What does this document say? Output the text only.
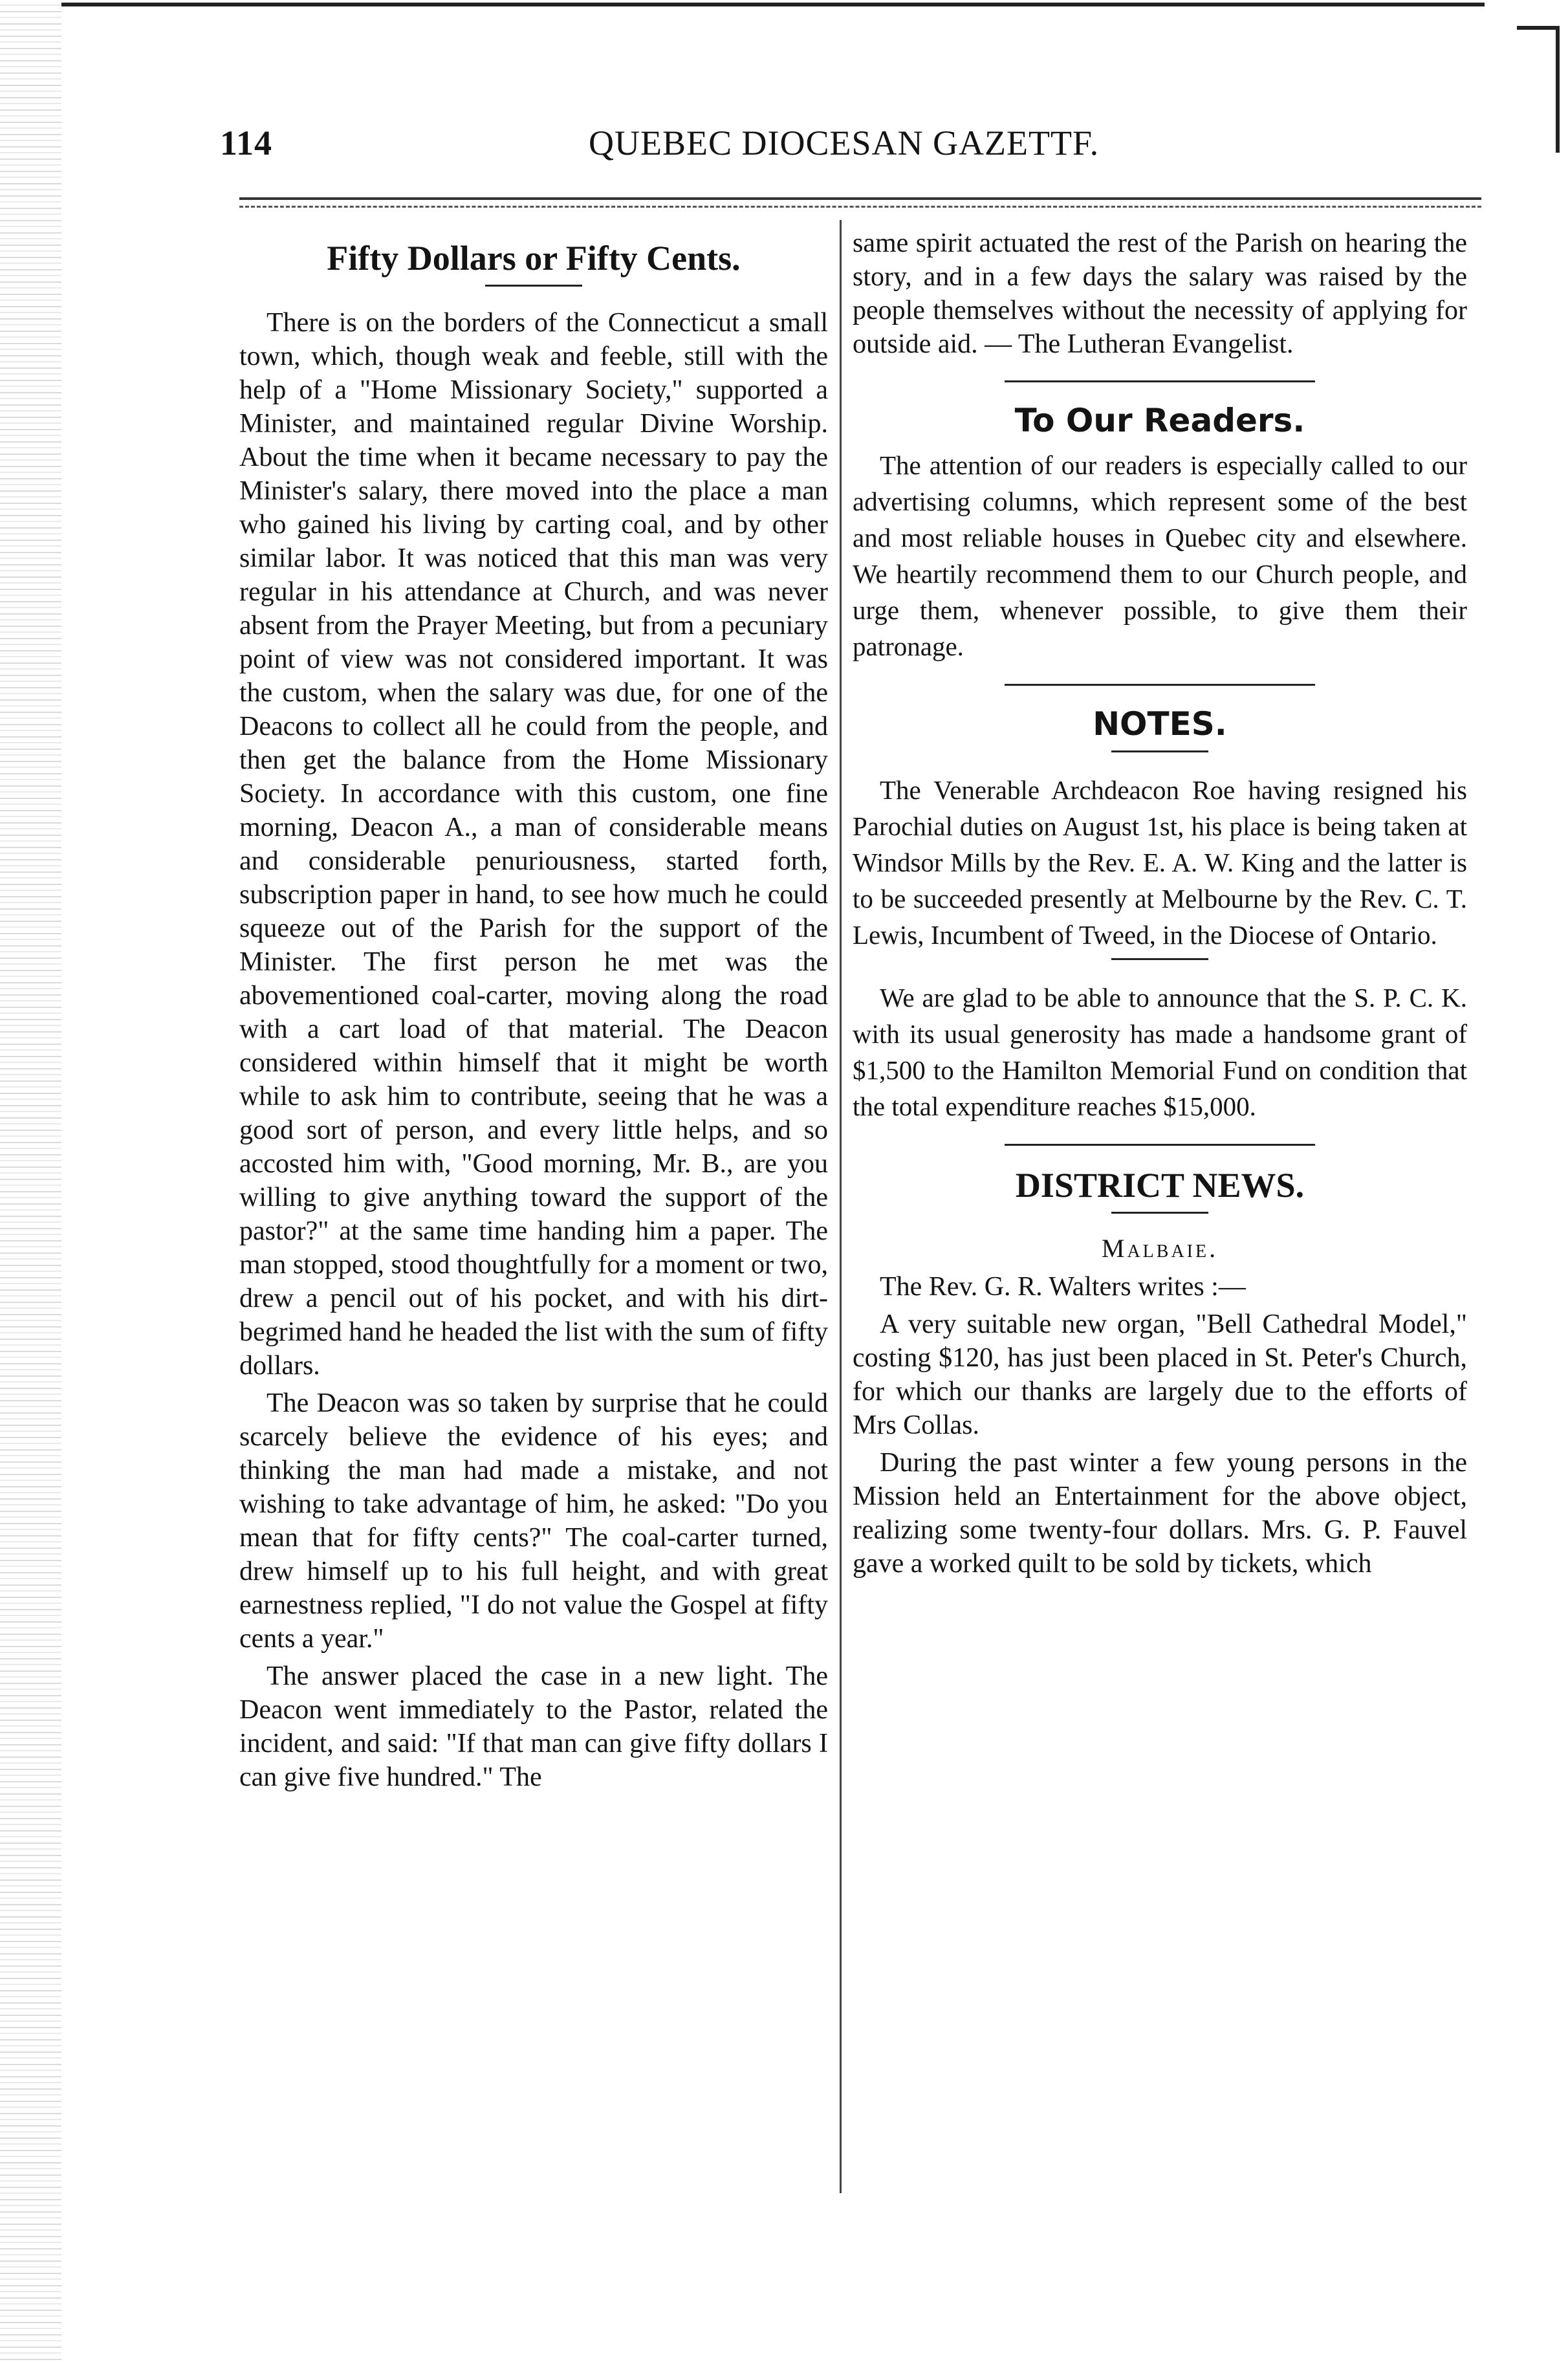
114	QUEBEC DIOCESAN GAZETTF.
Fifty Dollars or Fifty Cents.

There is on the borders of the Connecticut a small town, which, though weak and feeble, still with the help of a "Home Missionary Society," supported a Minister, and maintained regular Divine Worship. About the time when it became necessary to pay the Minister's salary, there moved into the place a man who gained his living by carting coal, and by other similar labor. It was noticed that this man was very regular in his attendance at Church, and was never absent from the Prayer Meeting, but from a pecuniary point of view was not considered important. It was the custom, when the salary was due, for one of the Deacons to collect all he could from the people, and then get the balance from the Home Missionary Society. In accordance with this custom, one fine morning, Deacon A., a man of considerable means and considerable penuriousness, started forth, subscription paper in hand, to see how much he could squeeze out of the Parish for the support of the Minister. The first person he met was the abovementioned coal-carter, moving along the road with a cart load of that material. The Deacon considered within himself that it might be worth while to ask him to contribute, seeing that he was a good sort of person, and every little helps, and so accosted him with, "Good morning, Mr. B., are you willing to give anything toward the support of the pastor?" at the same time handing him a paper. The man stopped, stood thoughtfully for a moment or two, drew a pencil out of his pocket, and with his dirt-begrimed hand he headed the list with the sum of fifty dollars.

The Deacon was so taken by surprise that he could scarcely believe the evidence of his eyes; and thinking the man had made a mistake, and not wishing to take advantage of him, he asked: "Do you mean that for fifty cents?" The coal-carter turned, drew himself up to his full height, and with great earnestness replied, "I do not value the Gospel at fifty cents a year."

The answer placed the case in a new light. The Deacon went immediately to the Pastor, related the incident, and said: "If that man can give fifty dollars I can give five hundred." The

same spirit actuated the rest of the Parish on hearing the story, and in a few days the salary was raised by the people themselves without the necessity of applying for outside aid. — The Lutheran Evangelist.

To Our Readers.

The attention of our readers is especially called to our advertising columns, which represent some of the best and most reliable houses in Quebec city and elsewhere. We heartily recommend them to our Church people, and urge them, whenever possible, to give them their patronage.

NOTES.

The Venerable Archdeacon Roe having resigned his Parochial duties on August 1st, his place is being taken at Windsor Mills by the Rev. E. A. W. King and the latter is to be succeeded presently at Melbourne by the Rev. C. T. Lewis, Incumbent of Tweed, in the Diocese of Ontario.

We are glad to be able to announce that the S. P. C. K. with its usual generosity has made a handsome grant of $1,500 to the Hamilton Memorial Fund on condition that the total expenditure reaches $15,000.

DISTRICT NEWS.
Malbaie.

The Rev. G. R. Walters writes :—

A very suitable new organ, "Bell Cathedral Model," costing $120, has just been placed in St. Peter's Church, for which our thanks are largely due to the efforts of Mrs Collas.

During the past winter a few young persons in the Mission held an Entertainment for the above object, realizing some twenty-four dollars. Mrs. G. P. Fauvel gave a worked quilt to be sold by tickets, which
